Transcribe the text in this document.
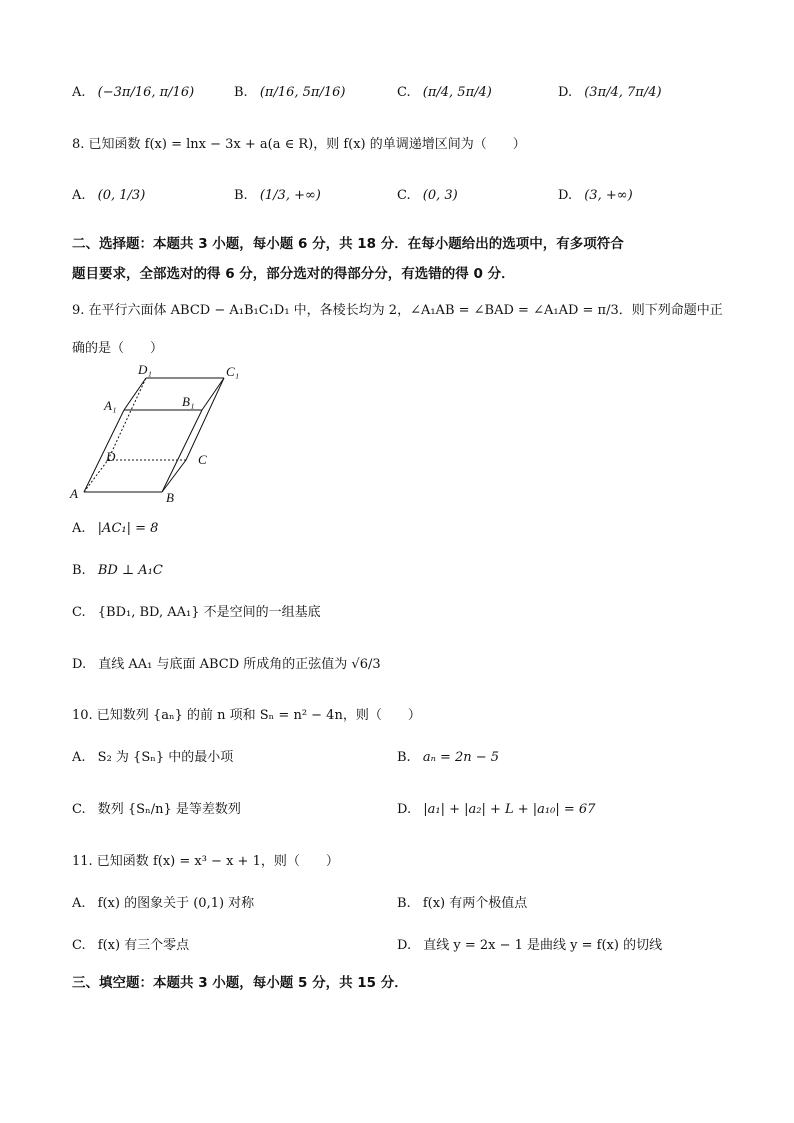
A. (−3π/16, π/16)	B. (π/16, 5π/16)	C. (π/4, 5π/4)	D. (3π/4, 7π/4)
8. 已知函数 f(x) = lnx − 3x + a(a ∈ R)，则 f(x) 的单调递增区间为（　　）
A. (0, 1/3)	B. (1/3, +∞)	C. (0, 3)	D. (3, +∞)
二、选择题：本题共 3 小题，每小题 6 分，共 18 分．在每小题给出的选项中，有多项符合
题目要求，全部选对的得 6 分，部分选对的得部分分，有选错的得 0 分．
9. 在平行六面体 ABCD − A₁B₁C₁D₁ 中，各棱长均为 2，∠A₁AB = ∠BAD = ∠A₁AD = π/3．则下列命题中正
确的是（　　）
D₁	C₁
A₁	B₁
D	C
A	B
A. |AC₁| = 8
B. BD ⊥ A₁C
C. {BD₁, BD, AA₁} 不是空间的一组基底
D. 直线 AA₁ 与底面 ABCD 所成角的正弦值为 √6/3
10. 已知数列 {aₙ} 的前 n 项和 Sₙ = n² − 4n，则（　　）
A. S₂ 为 {Sₙ} 中的最小项	B. aₙ = 2n − 5
C. 数列 {Sₙ/n} 是等差数列	D. |a₁| + |a₂| + L + |a₁₀| = 67
11. 已知函数 f(x) = x³ − x + 1，则（　　）
A. f(x) 的图象关于 (0,1) 对称	B. f(x) 有两个极值点
C. f(x) 有三个零点	D. 直线 y = 2x − 1 是曲线 y = f(x) 的切线
三、填空题：本题共 3 小题，每小题 5 分，共 15 分．
